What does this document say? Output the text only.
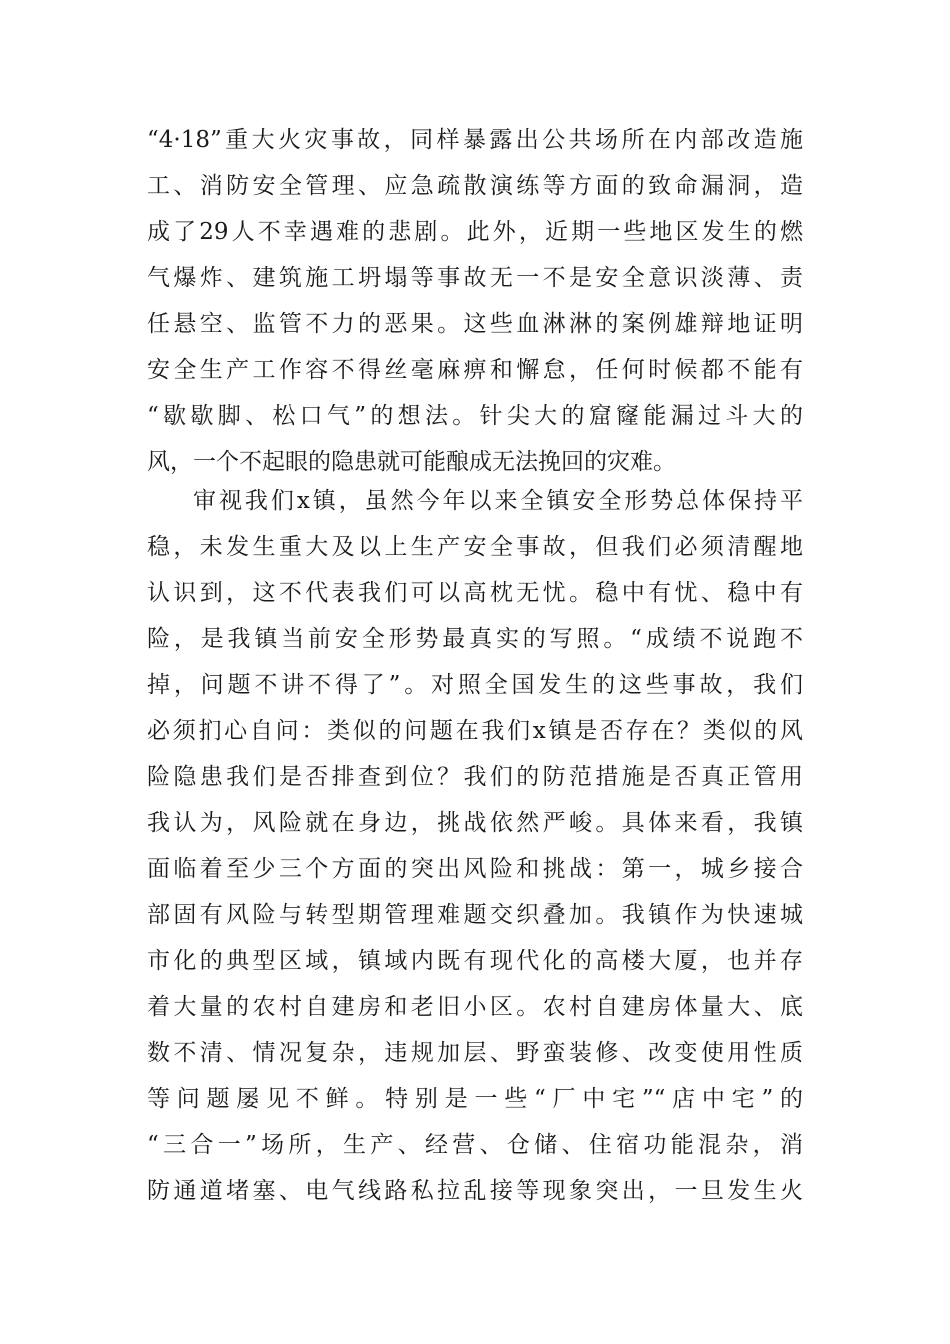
“4·18”重大火灾事故，同样暴露出公共场所在内部改造施
工、消防安全管理、应急疏散演练等方面的致命漏洞，造
成了29人不幸遇难的悲剧。此外，近期一些地区发生的燃
气爆炸、建筑施工坍塌等事故无一不是安全意识淡薄、责
任悬空、监管不力的恶果。这些血淋淋的案例雄辩地证明
安全生产工作容不得丝毫麻痹和懈怠，任何时候都不能有
“歇歇脚、松口气”的想法。针尖大的窟窿能漏过斗大的
风，一个不起眼的隐患就可能酿成无法挽回的灾难。
审视我们x镇，虽然今年以来全镇安全形势总体保持平
稳，未发生重大及以上生产安全事故，但我们必须清醒地
认识到，这不代表我们可以高枕无忧。稳中有忧、稳中有
险，是我镇当前安全形势最真实的写照。“成绩不说跑不
掉，问题不讲不得了”。对照全国发生的这些事故，我们
必须扪心自问：类似的问题在我们x镇是否存在？类似的风
险隐患我们是否排查到位？我们的防范措施是否真正管用
我认为，风险就在身边，挑战依然严峻。具体来看，我镇
面临着至少三个方面的突出风险和挑战：第一，城乡接合
部固有风险与转型期管理难题交织叠加。我镇作为快速城
市化的典型区域，镇域内既有现代化的高楼大厦，也并存
着大量的农村自建房和老旧小区。农村自建房体量大、底
数不清、情况复杂，违规加层、野蛮装修、改变使用性质
等问题屡见不鲜。特别是一些“厂中宅”“店中宅”的
“三合一”场所，生产、经营、仓储、住宿功能混杂，消
防通道堵塞、电气线路私拉乱接等现象突出，一旦发生火
